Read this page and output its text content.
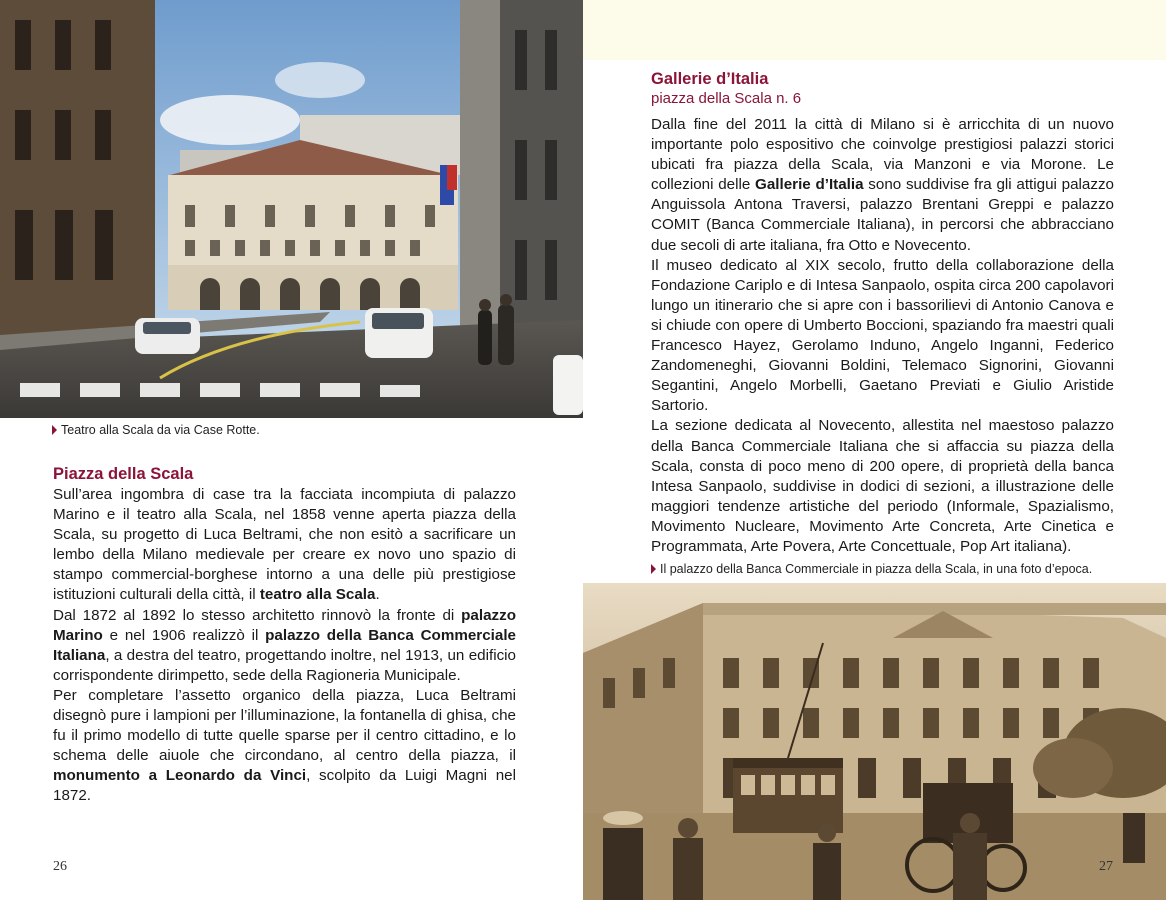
Teatro alla Scala da via Case Rotte.
Piazza della Scala

Sull’area ingombra di case tra la facciata incompiuta di palazzo Marino e il teatro alla Scala, nel 1858 venne aperta piazza della Scala, su progetto di Luca Beltrami, che non esitò a sacrificare un lembo della Milano medievale per creare ex novo uno spazio di stampo commercial-borghese intorno a una delle più prestigiose istituzioni culturali della città, il teatro alla Scala.

Dal 1872 al 1892 lo stesso architetto rinnovò la fronte di palazzo Marino e nel 1906 realizzò il palazzo della Banca Commerciale Italiana, a destra del teatro, progettando inoltre, nel 1913, un edificio corrispondente dirimpetto, sede della Ragioneria Municipale.

Per completare l’assetto organico della piazza, Luca Beltrami disegnò pure i lampioni per l’illuminazione, la fontanella di ghisa, che fu il primo modello di tutte quelle sparse per il centro cittadino, e lo schema delle aiuole che circondano, al centro della piazza, il monumento a Leonardo da Vinci, scolpito da Luigi Magni nel 1872.

26
Gallerie d’Italia
piazza della Scala n. 6

Dalla fine del 2011 la città di Milano si è arricchita di un nuovo importante polo espositivo che coinvolge prestigiosi palazzi storici ubicati fra piazza della Scala, via Manzoni e via Morone. Le collezioni delle Gallerie d’Italia sono suddivise fra gli attigui palazzo Anguissola Antona Traversi, palazzo Brentani Greppi e palazzo COMIT (Banca Commerciale Italiana), in percorsi che abbracciano due secoli di arte italiana, fra Otto e Novecento.

Il museo dedicato al XIX secolo, frutto della collaborazione della Fondazione Cariplo e di Intesa Sanpaolo, ospita circa 200 capolavori lungo un itinerario che si apre con i bassorilievi di Antonio Canova e si chiude con opere di Umberto Boccioni, spaziando fra maestri quali Francesco Hayez, Gerolamo Induno, Angelo Inganni, Federico Zandomeneghi, Giovanni Boldini, Telemaco Signorini, Giovanni Segantini, Angelo Morbelli, Gaetano Previati e Giulio Aristide Sartorio.

La sezione dedicata al Novecento, allestita nel maestoso palazzo della Banca Commerciale Italiana che si affaccia su piazza della Scala, consta di poco meno di 200 opere, di proprietà della banca Intesa Sanpaolo, suddivise in dodici di sezioni, a illustrazione delle maggiori tendenze artistiche del periodo (Informale, Spazialismo, Movimento Nucleare, Movimento Arte Concreta, Arte Cinetica e Programmata, Arte Povera, Arte Concettuale, Pop Art italiana).

Il palazzo della Banca Commerciale in piazza della Scala, in una foto d’epoca.
27
